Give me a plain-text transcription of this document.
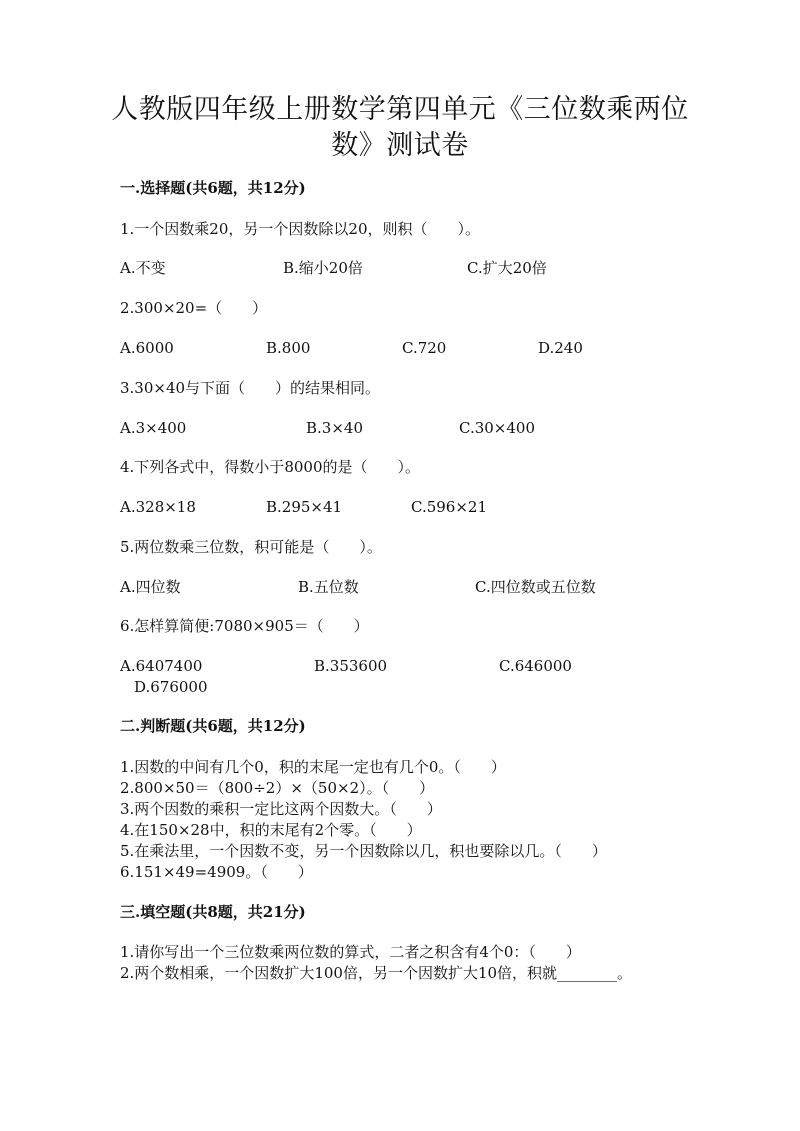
人教版四年级上册数学第四单元《三位数乘两位
数》测试卷
一.选择题(共6题，共12分)
1.一个因数乘20，另一个因数除以20，则积（　　）。
A.不变	B.缩小20倍	C.扩大20倍
2.300×20=（　　）
A.6000	B.800	C.720	D.240
3.30×40与下面（　　）的结果相同。
A.3×400	B.3×40	C.30×400
4.下列各式中，得数小于8000的是（　　）。
A.328×18	B.295×41	C.596×21
5.两位数乘三位数，积可能是（　　）。
A.四位数	B.五位数	C.四位数或五位数
6.怎样算简便:7080×905＝（　　）
A.6407400	B.353600	C.646000
D.676000
二.判断题(共6题，共12分)
1.因数的中间有几个0，积的末尾一定也有几个0。（　　）
2.800×50＝（800÷2）×（50×2）。（　　）
3.两个因数的乘积一定比这两个因数大。（　　）
4.在150×28中，积的末尾有2个零。（　　）
5.在乘法里，一个因数不变，另一个因数除以几，积也要除以几。（　　）
6.151×49=4909。（　　）
三.填空题(共8题，共21分)
1.请你写出一个三位数乘两位数的算式，二者之积含有4个0：（　　）
2.两个数相乘，一个因数扩大100倍，另一个因数扩大10倍，积就________。
